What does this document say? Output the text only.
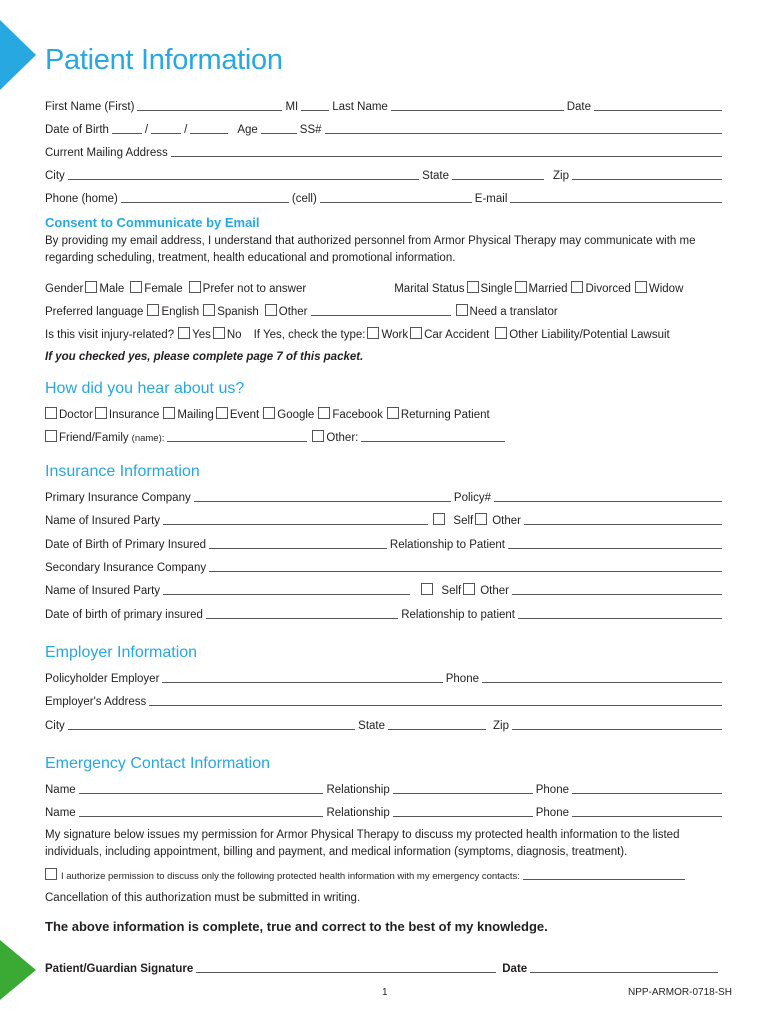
Patient Information
First Name (First)	MI	Last Name	Date
Date of Birth	/	/	Age	SS#
Current Mailing Address
City	State	Zip
Phone (home)	(cell)	E-mail
Consent to Communicate by Email
By providing my email address, I understand that authorized personnel from Armor Physical Therapy may communicate with me regarding scheduling, treatment, health educational and promotional information.
Gender Male Female Prefer not to answer	Marital Status Single Married Divorced Widow
Preferred language English Spanish Other	Need a translator
Is this visit injury-related? Yes No If Yes, check the type: Work Car Accident Other Liability/Potential Lawsuit
If you checked yes, please complete page 7 of this packet.
How did you hear about us?
Doctor Insurance Mailing Event Google Facebook Returning Patient
Friend/Family (name):	Other:
Insurance Information
Primary Insurance Company	Policy#
Name of Insured Party	Self Other
Date of Birth of Primary Insured	Relationship to Patient
Secondary Insurance Company
Name of Insured Party	Self Other
Date of birth of primary insured	Relationship to patient
Employer Information
Policyholder Employer	Phone
Employer's Address
City	State	Zip
Emergency Contact Information
Name	Relationship	Phone
Name	Relationship	Phone
My signature below issues my permission for Armor Physical Therapy to discuss my protected health information to the listed individuals, including appointment, billing and payment, and medical information (symptoms, diagnosis, treatment).
I authorize permission to discuss only the following protected health information with my emergency contacts:
Cancellation of this authorization must be submitted in writing.
The above information is complete, true and correct to the best of my knowledge.
Patient/Guardian Signature	Date
1	NPP-ARMOR-0718-SH
